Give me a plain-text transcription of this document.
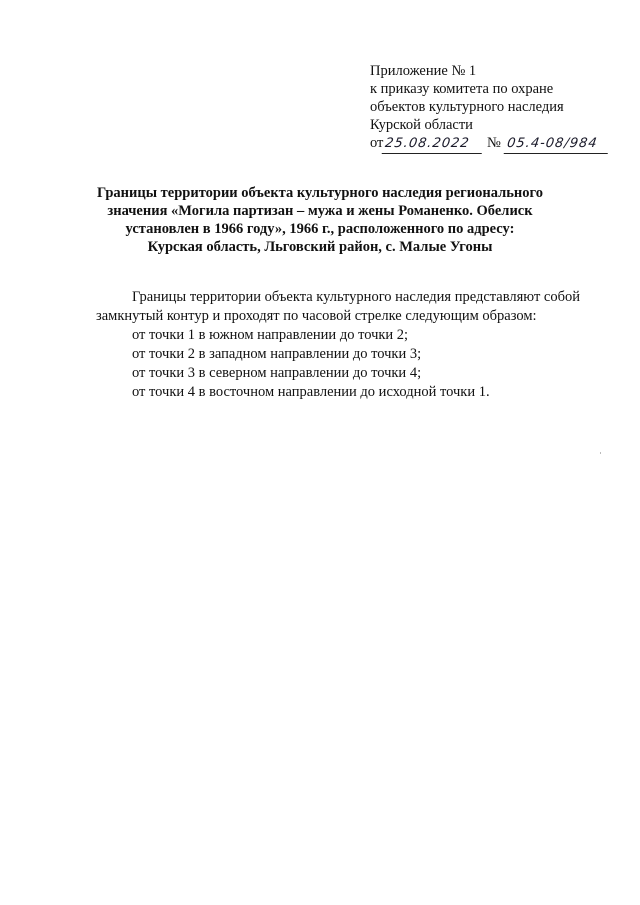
Приложение № 1
к приказу комитета по охране
объектов культурного наследия
Курской области
от25.08.2022 № 05.4-08/984
Границы территории объекта культурного наследия регионального
значения «Могила партизан – мужа и жены Романенко. Обелиск
установлен в 1966 году», 1966 г., расположенного по адресу:
Курская область, Льговский район, с. Малые Угоны

Границы территории объекта культурного наследия представляют собой замкнутый контур и проходят по часовой стрелке следующим образом:

от точки 1 в южном направлении до точки 2;
от точки 2 в западном направлении до точки 3;
от точки 3 в северном направлении до точки 4;
от точки 4 в восточном направлении до исходной точки 1.
